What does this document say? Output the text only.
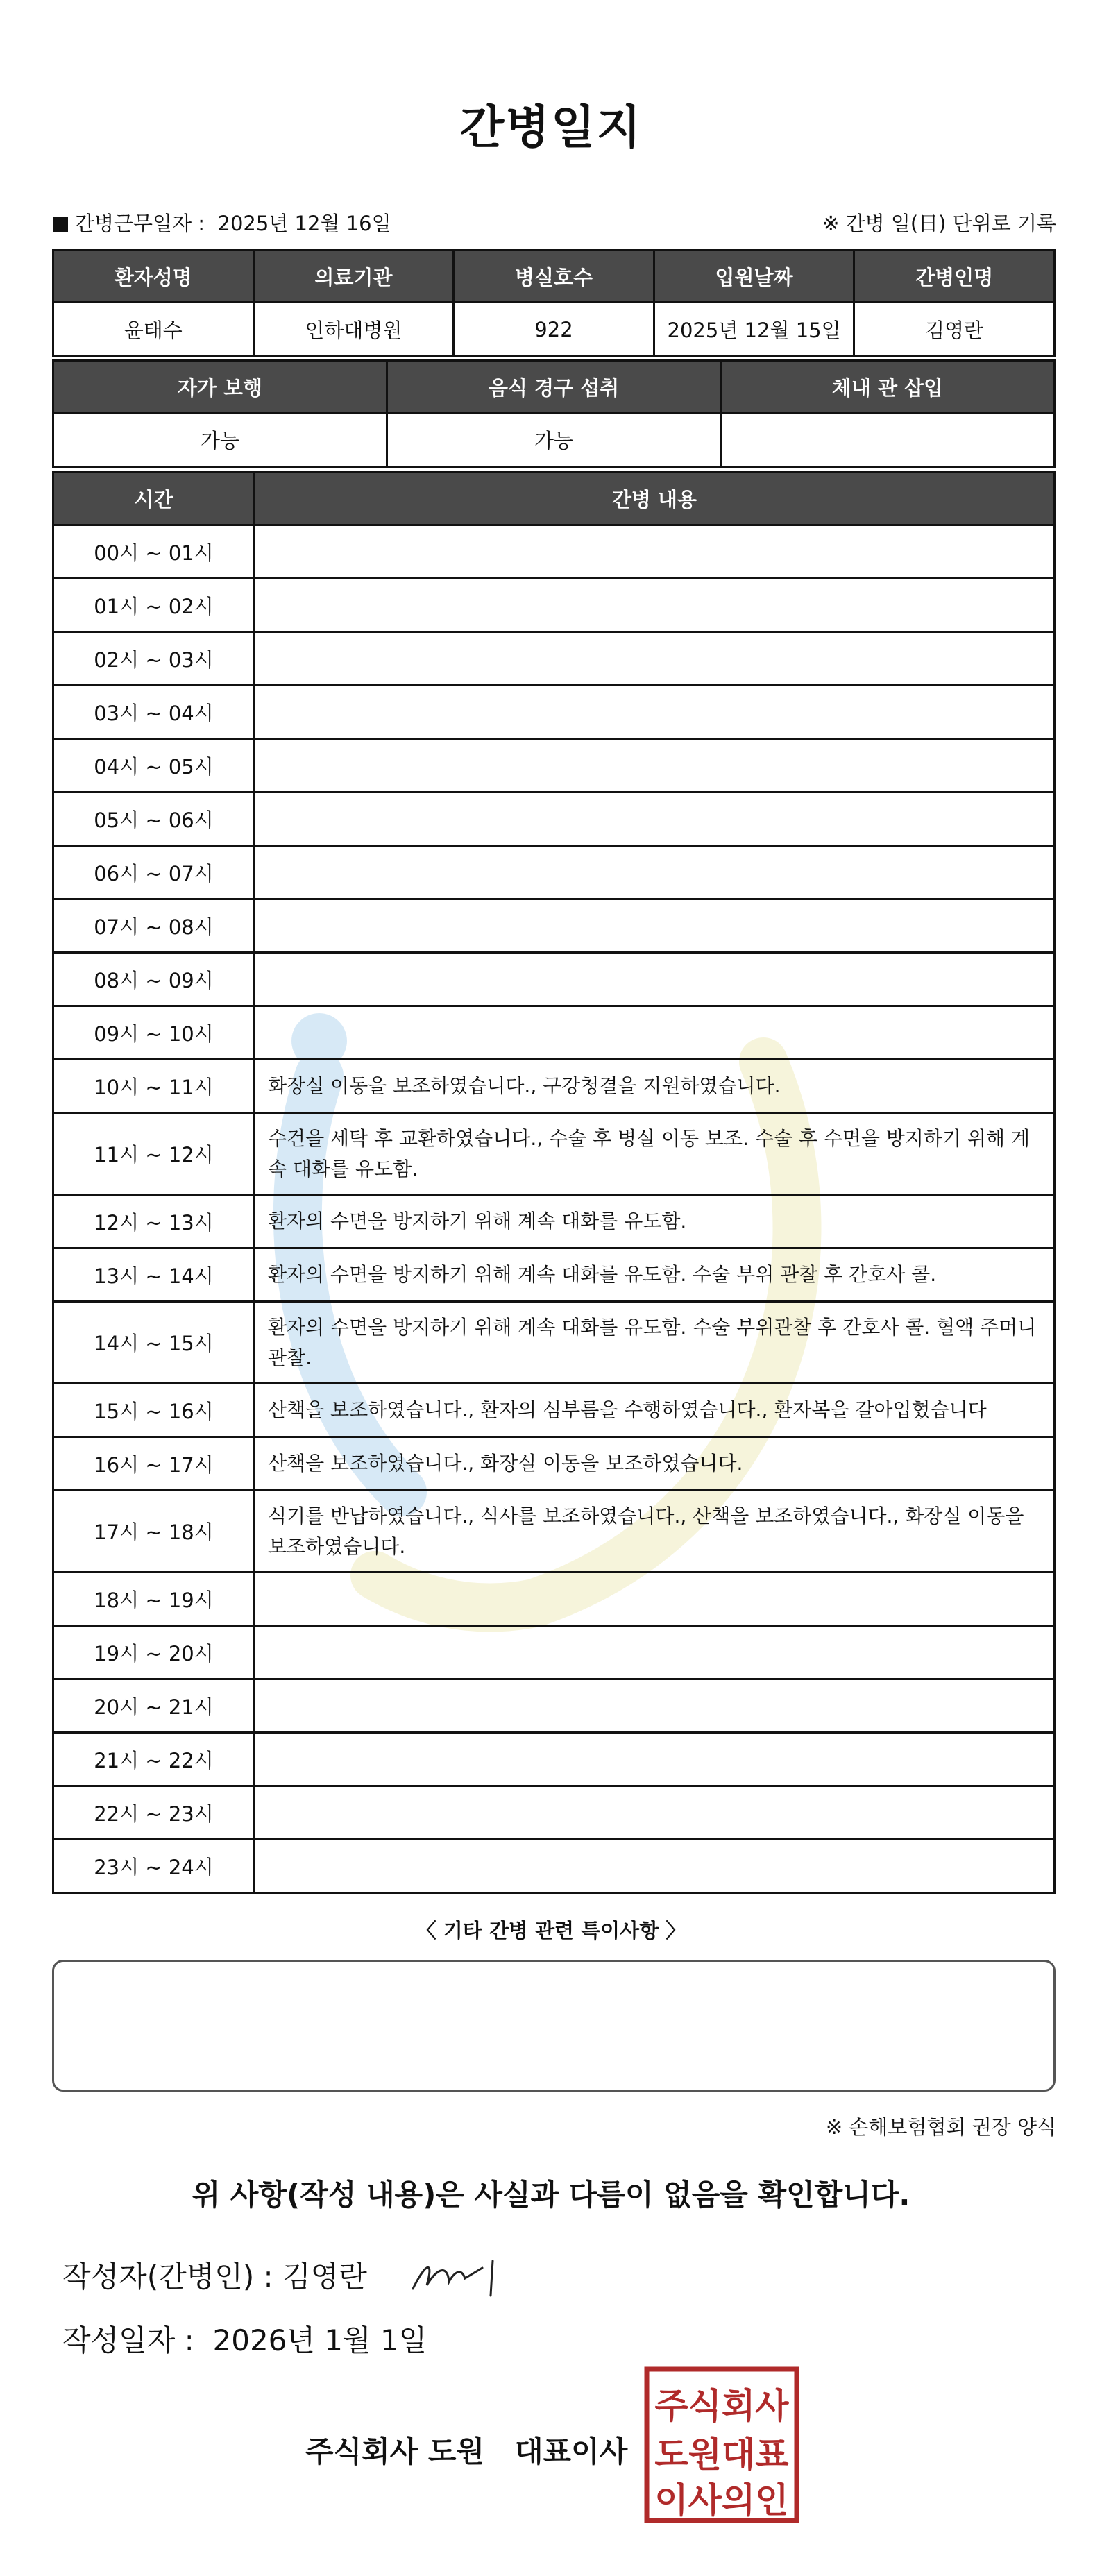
간병일지
간병근무일자 : 2025년 12월 16일	※ 간병 일(日) 단위로 기록
환자성명	의료기관	병실호수	입원날짜	간병인명
윤태수	인하대병원	922	2025년 12월 15일	김영란
자가 보행	음식 경구 섭취	체내 관 삽입
가능	가능	
시간	간병 내용
00시 ~ 01시	
01시 ~ 02시	
02시 ~ 03시	
03시 ~ 04시	
04시 ~ 05시	
05시 ~ 06시	
06시 ~ 07시	
07시 ~ 08시	
08시 ~ 09시	
09시 ~ 10시	
10시 ~ 11시	화장실 이동을 보조하였습니다., 구강청결을 지원하였습니다.
11시 ~ 12시	수건을 세탁 후 교환하였습니다., 수술 후 병실 이동 보조. 수술 후 수면을 방지하기 위해 계속 대화를 유도함.
12시 ~ 13시	환자의 수면을 방지하기 위해 계속 대화를 유도함.
13시 ~ 14시	환자의 수면을 방지하기 위해 계속 대화를 유도함. 수술 부위 관찰 후 간호사 콜.
14시 ~ 15시	환자의 수면을 방지하기 위해 계속 대화를 유도함. 수술 부위관찰 후 간호사 콜. 혈액 주머니 관찰.
15시 ~ 16시	산책을 보조하였습니다., 환자의 심부름을 수행하였습니다., 환자복을 갈아입혔습니다
16시 ~ 17시	산책을 보조하였습니다., 화장실 이동을 보조하였습니다.
17시 ~ 18시	식기를 반납하였습니다., 식사를 보조하였습니다., 산책을 보조하였습니다., 화장실 이동을 보조하였습니다.
18시 ~ 19시	
19시 ~ 20시	
20시 ~ 21시	
21시 ~ 22시	
22시 ~ 23시	
23시 ~ 24시	
〈 기타 간병 관련 특이사항 〉
※ 손해보험협회 권장 양식
위 사항(작성 내용)은 사실과 다름이 없음을 확인합니다.
작성자(간병인) : 김영란
작성일자 : 2026년 1월 1일
주식회사 도원 대표이사
주식회사
도원대표
이사의인
